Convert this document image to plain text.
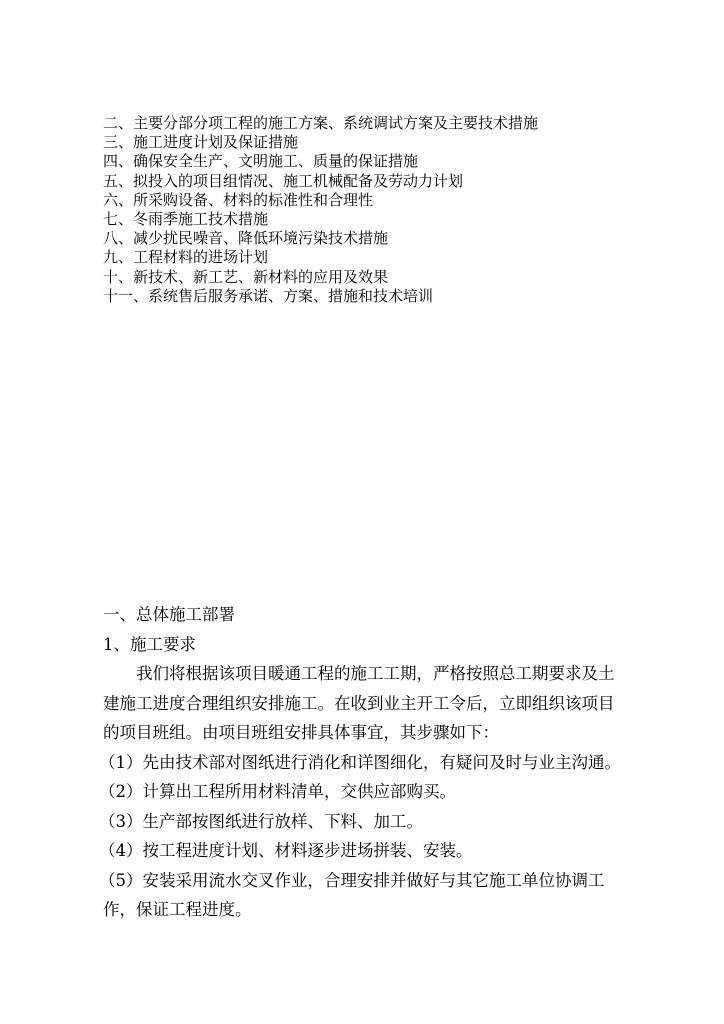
二、主要分部分项工程的施工方案、系统调试方案及主要技术措施
三、施工进度计划及保证措施
四、确保安全生产、文明施工、质量的保证措施
五、拟投入的项目组情况、施工机械配备及劳动力计划
六、所采购设备、材料的标准性和合理性
七、冬雨季施工技术措施
八、减少扰民噪音、降低环境污染技术措施
九、工程材料的进场计划
十、新技术、新工艺、新材料的应用及效果
十一、系统售后服务承诺、方案、措施和技术培训

一、总体施工部署

1、施工要求

我们将根据该项目暖通工程的施工工期，严格按照总工期要求及土

建施工进度合理组织安排施工。在收到业主开工令后，立即组织该项目

的项目班组。由项目班组安排具体事宜，其步骤如下：

（1）先由技术部对图纸进行消化和详图细化，有疑问及时与业主沟通。

（2）计算出工程所用材料清单，交供应部购买。

（3）生产部按图纸进行放样、下料、加工。

（4）按工程进度计划、材料逐步进场拼装、安装。

（5）安装采用流水交叉作业，合理安排并做好与其它施工单位协调工

作，保证工程进度。
